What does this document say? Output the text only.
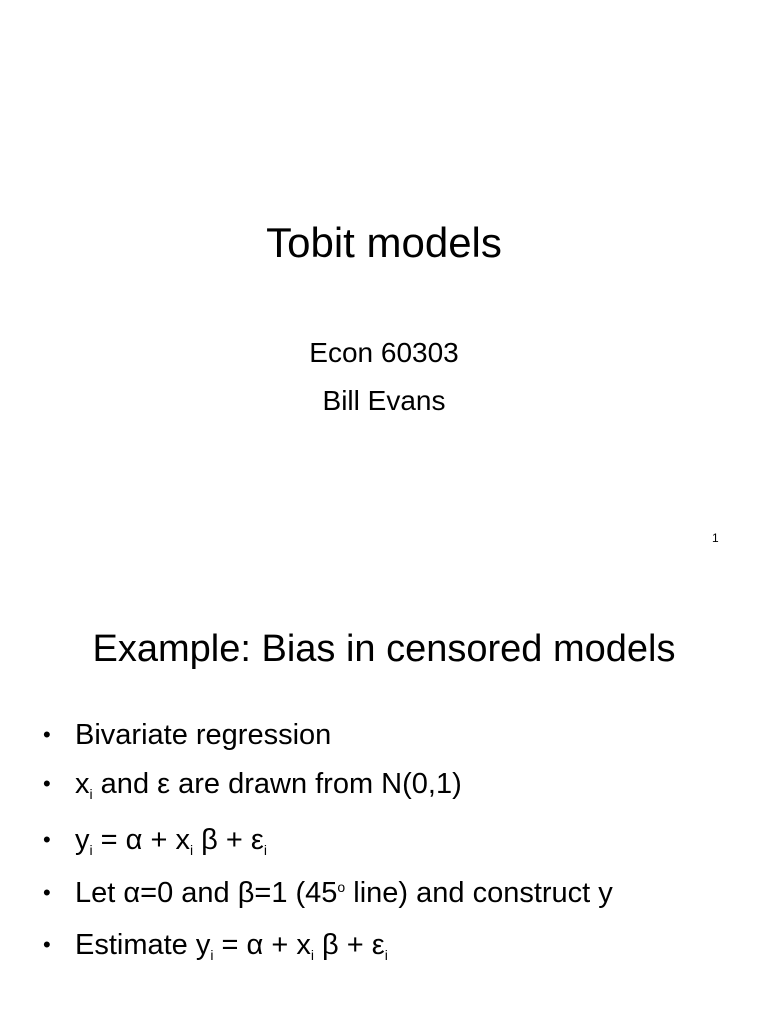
Tobit models
Econ 60303
Bill Evans
1
Example: Bias in censored models
• Bivariate regression
• $x_i$ and ε are drawn from N(0,1)
• $y_i = \alpha + x_i$ $\beta + \varepsilon_i$
• Let α=0 and β=1 (45$^o$ line) and construct y
• Estimate $y_i = \alpha + x_i$ $\beta + \varepsilon_i$
